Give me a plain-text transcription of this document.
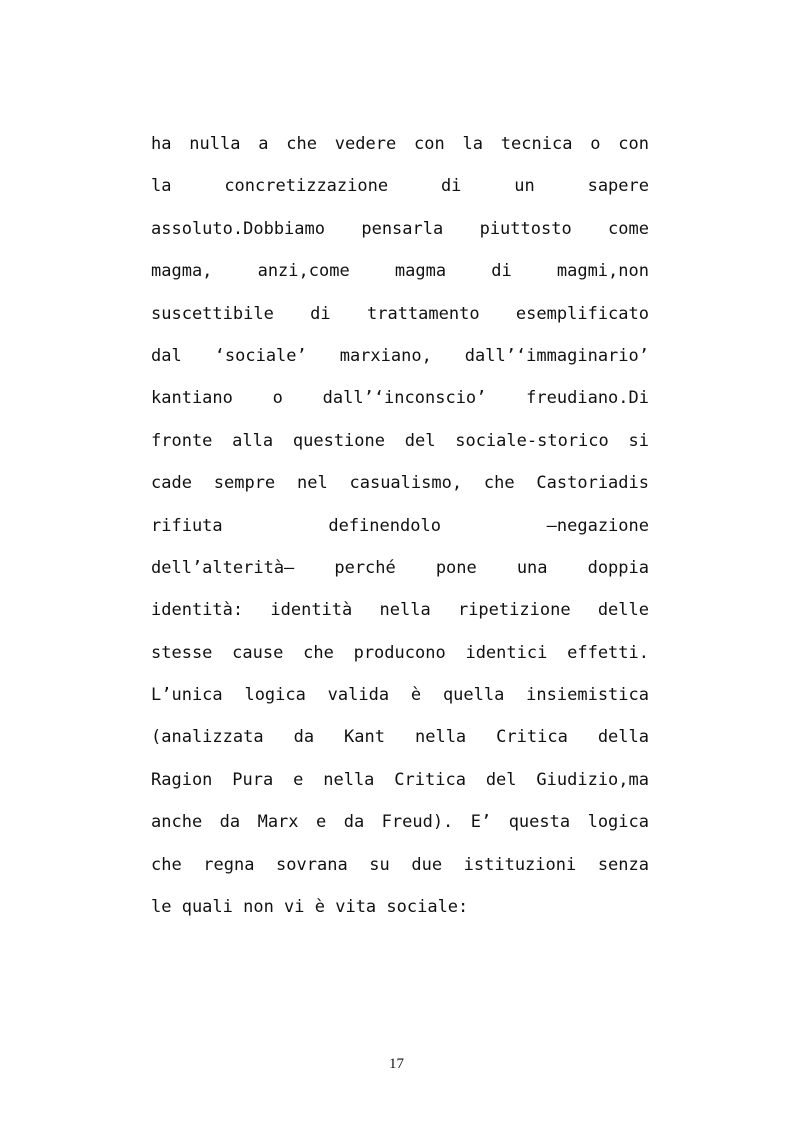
ha nulla a che vedere con la tecnica o con
la concretizzazione di un sapere
assoluto.Dobbiamo pensarla piuttosto come
magma, anzi,come magma di magmi,non
suscettibile di trattamento esemplificato
dal ‘sociale’ marxiano, dall’‘immaginario’
kantiano o dall’‘inconscio’ freudiano.Di
fronte alla questione del sociale-storico si
cade sempre nel casualismo, che Castoriadis
rifiuta definendolo –negazione
dell’alterità– perché pone una doppia
identità: identità nella ripetizione delle
stesse cause che producono identici effetti.
L’unica logica valida è quella insiemistica
(analizzata da Kant nella Critica della
Ragion Pura e nella Critica del Giudizio,ma
anche da Marx e da Freud). E’ questa logica
che regna sovrana su due istituzioni senza
le quali non vi è vita sociale:
17
